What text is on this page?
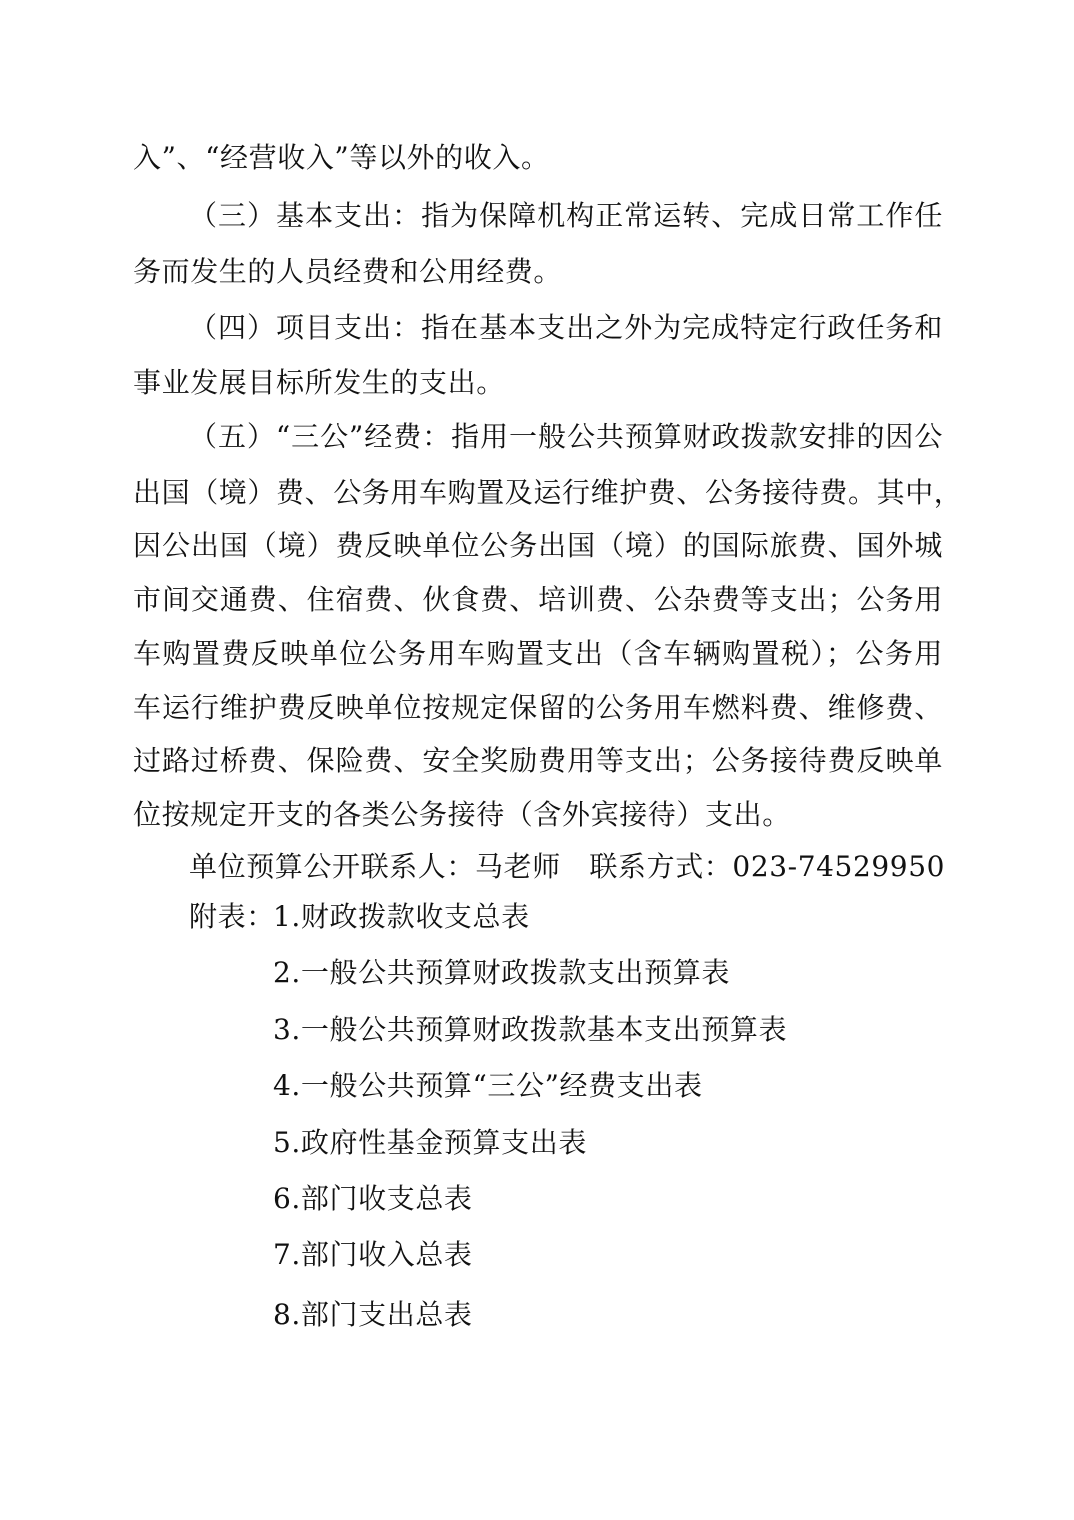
入”、“经营收入”等以外的收入。
（三）基本支出：指为保障机构正常运转、完成日常工作任
务而发生的人员经费和公用经费。
（四）项目支出：指在基本支出之外为完成特定行政任务和
事业发展目标所发生的支出。
（五）“三公”经费：指用一般公共预算财政拨款安排的因公
出国（境）费、公务用车购置及运行维护费、公务接待费。其中，
因公出国（境）费反映单位公务出国（境）的国际旅费、国外城
市间交通费、住宿费、伙食费、培训费、公杂费等支出；公务用
车购置费反映单位公务用车购置支出（含车辆购置税）；公务用
车运行维护费反映单位按规定保留的公务用车燃料费、维修费、
过路过桥费、保险费、安全奖励费用等支出；公务接待费反映单
位按规定开支的各类公务接待（含外宾接待）支出。
单位预算公开联系人：马老师　联系方式：023-74529950
附表：
1.财政拨款收支总表
2.一般公共预算财政拨款支出预算表
3.一般公共预算财政拨款基本支出预算表
4.一般公共预算“三公”经费支出表
5.政府性基金预算支出表
6.部门收支总表
7.部门收入总表
8.部门支出总表
